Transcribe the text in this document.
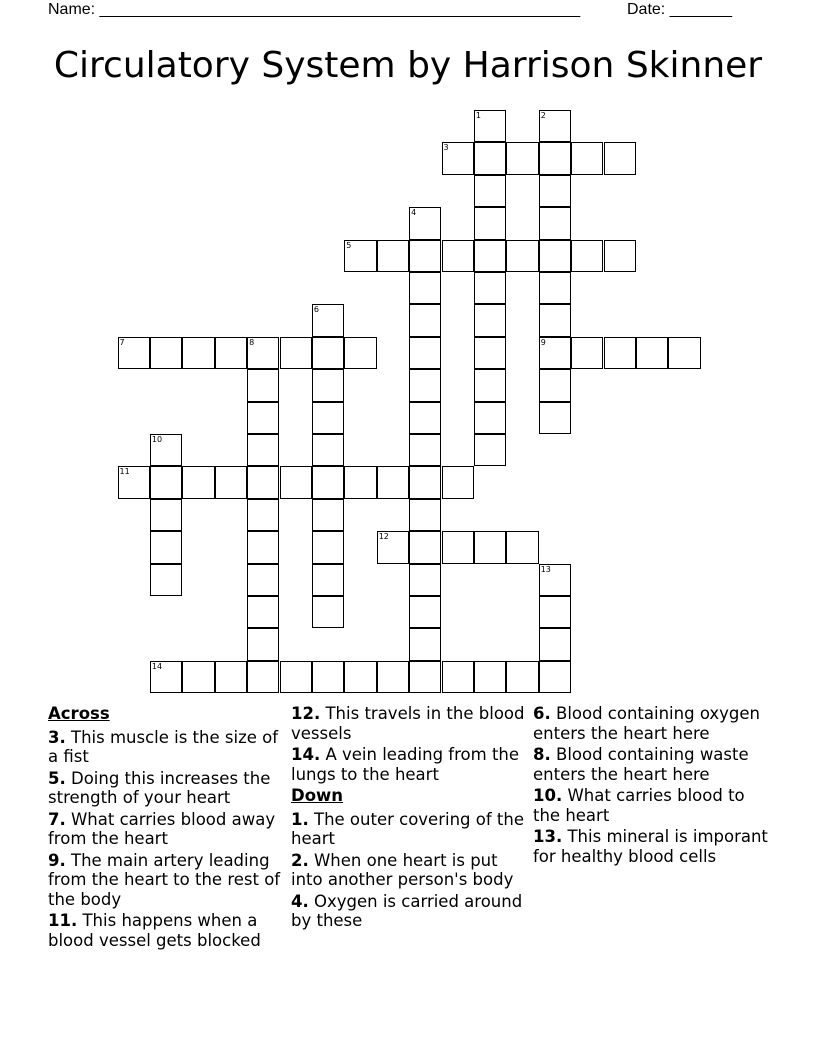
Name: ______________________________________________________	Date: _______
Circulatory System by Harrison Skinner
1	2
9
3
4
5
6
7	8
10
11
12
13
14
Across
3. This muscle is the size of a fist
5. Doing this increases the strength of your heart
7. What carries blood away from the heart
9. The main artery leading from the heart to the rest of the body
11. This happens when a blood vessel gets blocked
12. This travels in the blood vessels
14. A vein leading from the lungs to the heart
Down
1. The outer covering of the heart
2. When one heart is put into another person's body
4. Oxygen is carried around by these
6. Blood containing oxygen enters the heart here
8. Blood containing waste enters the heart here
10. What carries blood to the heart
13. This mineral is imporant for healthy blood cells
